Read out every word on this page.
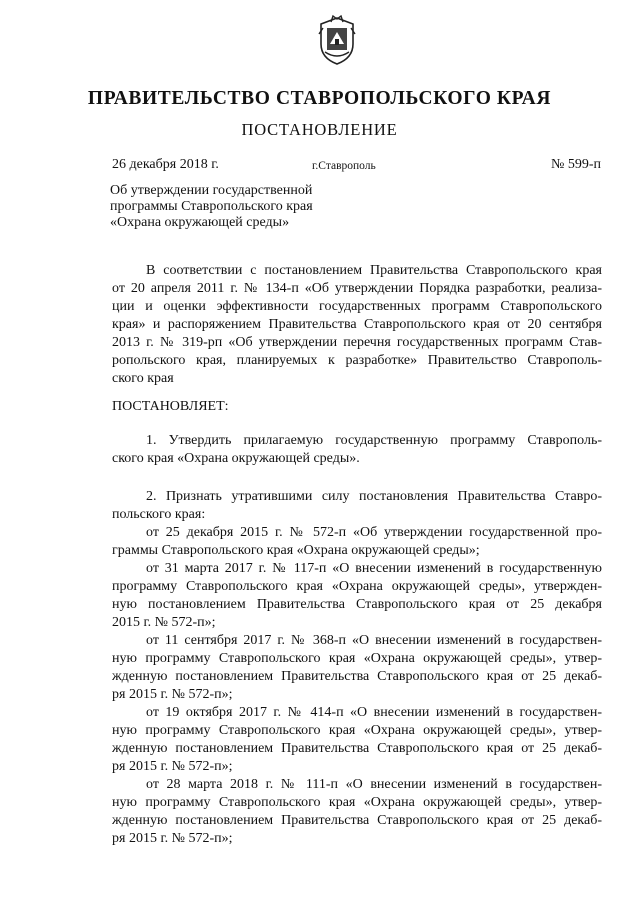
ПРАВИТЕЛЬСТВО СТАВРОПОЛЬСКОГО КРАЯ
ПОСТАНОВЛЕНИЕ
26 декабря 2018 г.	г.Ставрополь	№ 599-п
Об утверждении государственной
программы Ставропольского края
«Охрана окружающей среды»
В соответствии с постановлением Правительства Ставропольского края
от 20 апреля 2011 г. № 134-п «Об утверждении Порядка разработки, реализа-
ции и оценки эффективности государственных программ Ставропольского
края» и распоряжением Правительства Ставропольского края от 20 сентября
2013 г. № 319-рп «Об утверждении перечня государственных программ Став-
ропольского края, планируемых к разработке» Правительство Ставрополь-
ского края
ПОСТАНОВЛЯЕТ:
1. Утвердить прилагаемую государственную программу Ставрополь-
ского края «Охрана окружающей среды».
2. Признать утратившими силу постановления Правительства Ставро-
польского края:
от 25 декабря 2015 г. № 572-п «Об утверждении государственной про-
граммы Ставропольского края «Охрана окружающей среды»;
от 31 марта 2017 г. № 117-п «О внесении изменений в государственную
программу Ставропольского края «Охрана окружающей среды», утвержден-
ную постановлением Правительства Ставропольского края от 25 декабря
2015 г. № 572-п»;
от 11 сентября 2017 г. № 368-п «О внесении изменений в государствен-
ную программу Ставропольского края «Охрана окружающей среды», утвер-
жденную постановлением Правительства Ставропольского края от 25 декаб-
ря 2015 г. № 572-п»;
от 19 октября 2017 г. № 414-п «О внесении изменений в государствен-
ную программу Ставропольского края «Охрана окружающей среды», утвер-
жденную постановлением Правительства Ставропольского края от 25 декаб-
ря 2015 г. № 572-п»;
от 28 марта 2018 г. № 111-п «О внесении изменений в государствен-
ную программу Ставропольского края «Охрана окружающей среды», утвер-
жденную постановлением Правительства Ставропольского края от 25 декаб-
ря 2015 г. № 572-п»;
